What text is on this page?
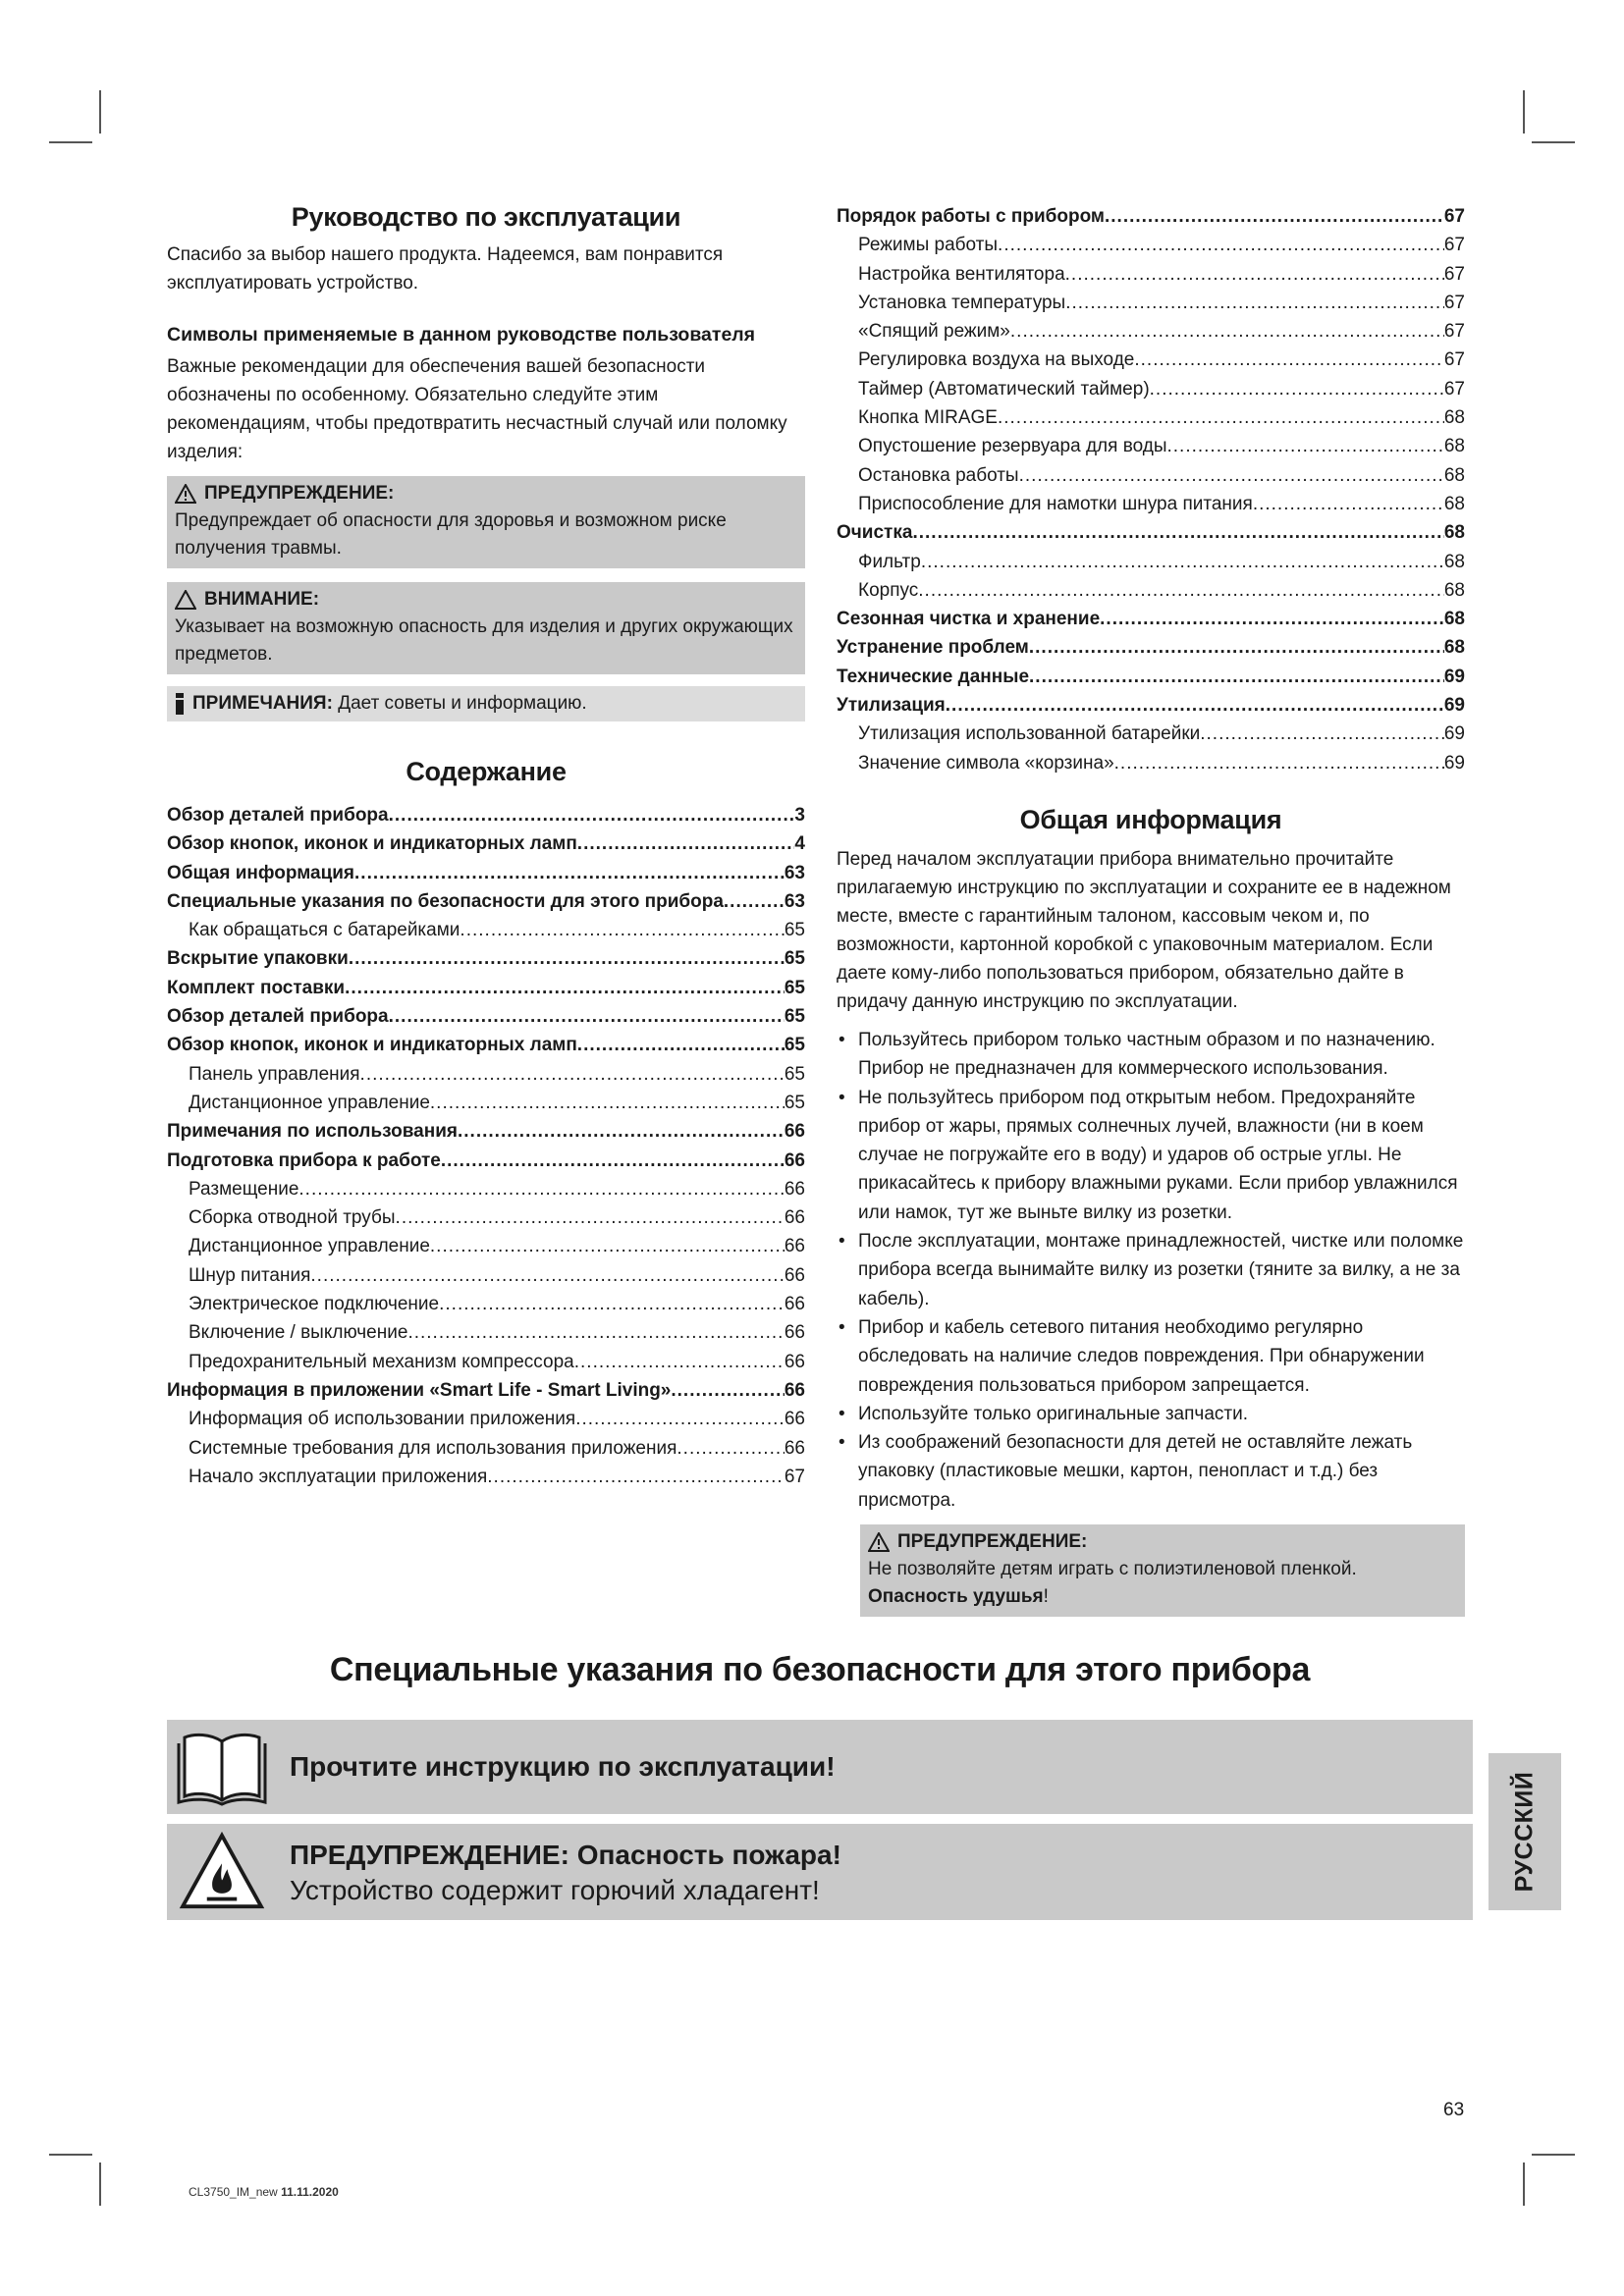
Руководство по эксплуатации

Спасибо за выбор нашего продукта. Надеемся, вам понравится эксплуатировать устройство.

Символы применяемые в данном руководстве пользователя

Важные рекомендации для обеспечения вашей безопасности обозначены по особенному. Обязательно следуйте этим рекомендациям, чтобы предотвратить несчастный случай или поломку изделия:

ПРЕДУПРЕЖДЕНИЕ:
Предупреждает об опасности для здоровья и возможном риске получения травмы.
ВНИМАНИЕ:
Указывает на возможную опасность для изделия и других окружающих предметов.
ПРИМЕЧАНИЯ: Дает советы и информацию.
Содержание
Обзор деталей прибора .....	3
Обзор кнопок, иконок и индикаторных ламп .....	4
Общая информация .....	63
Специальные указания по безопасности для этого прибора .....	63
Как обращаться с батарейками .....	65
Вскрытие упаковки .....	65
Комплект поставки .....	65
Обзор деталей прибора .....	65
Обзор кнопок, иконок и индикаторных ламп .....	65
Панель управления .....	65
Дистанционное управление .....	65
Примечания по использования .....	66
Подготовка прибора к работе .....	66
Размещение .....	66
Сборка отводной трубы .....	66
Дистанционное управление .....	66
Шнур питания .....	66
Электрическое подключение .....	66
Включение / выключение .....	66
Предохранительный механизм компрессора .....	66
Информация в приложении «Smart Life - Smart Living» .....	66
Информация об использовании приложения .....	66
Системные требования для использования приложения .....	66
Начало эксплуатации приложения .....	67
Порядок работы с прибором .....	67
Режимы работы .....	67
Настройка вентилятора .....	67
Установка температуры .....	67
«Спящий режим» .....	67
Регулировка воздуха на выходе .....	67
Таймер (Автоматический таймер) .....	67
Кнопка MIRAGE .....	68
Опустошение резервуара для воды .....	68
Остановка работы .....	68
Приспособление для намотки шнура питания .....	68
Очистка .....	68
Фильтр .....	68
Корпус .....	68
Сезонная чистка и хранение .....	68
Устранение проблем .....	68
Технические данные .....	69
Утилизация .....	69
Утилизация использованной батарейки .....	69
Значение символа «корзина» .....	69
Общая информация

Перед началом эксплуатации прибора внимательно прочитайте прилагаемую инструкцию по эксплуатации и сохраните ее в надежном месте, вместе с гарантийным талоном, кассовым чеком и, по возможности, картонной коробкой с упаковочным материалом. Если даете кому-либо попользоваться прибором, обязательно дайте в придачу данную инструкцию по эксплуатации.

• Пользуйтесь прибором только частным образом и по назначению. Прибор не предназначен для коммерческого использования.
• Не пользуйтесь прибором под открытым небом. Предохраняйте прибор от жары, прямых солнечных лучей, влажности (ни в коем случае не погружайте его в воду) и ударов об острые углы. Не прикасайтесь к прибору влажными руками. Если прибор увлажнился или намок, тут же выньте вилку из розетки.
• После эксплуатации, монтаже принадлежностей, чистке или поломке прибора всегда вынимайте вилку из розетки (тяните за вилку, а не за кабель).
• Прибор и кабель сетевого питания необходимо регулярно обследовать на наличие следов повреждения. При обнаружении повреждения пользоваться прибором запрещается.
• Используйте только оригинальные запчасти.
• Из соображений безопасности для детей не оставляйте лежать упаковку (пластиковые мешки, картон, пенопласт и т.д.) без присмотра.
ПРЕДУПРЕЖДЕНИЕ:
Не позволяйте детям играть с полиэтиленовой пленкой. Опасность удушья!
Специальные указания по безопасности для этого прибора
Прочтите инструкцию по эксплуатации!
ПРЕДУПРЕЖДЕНИЕ: Опасность пожара!
Устройство содержит горючий хладагент!	РУССКИЙ
63
CL3750_IM_new 11.11.2020
